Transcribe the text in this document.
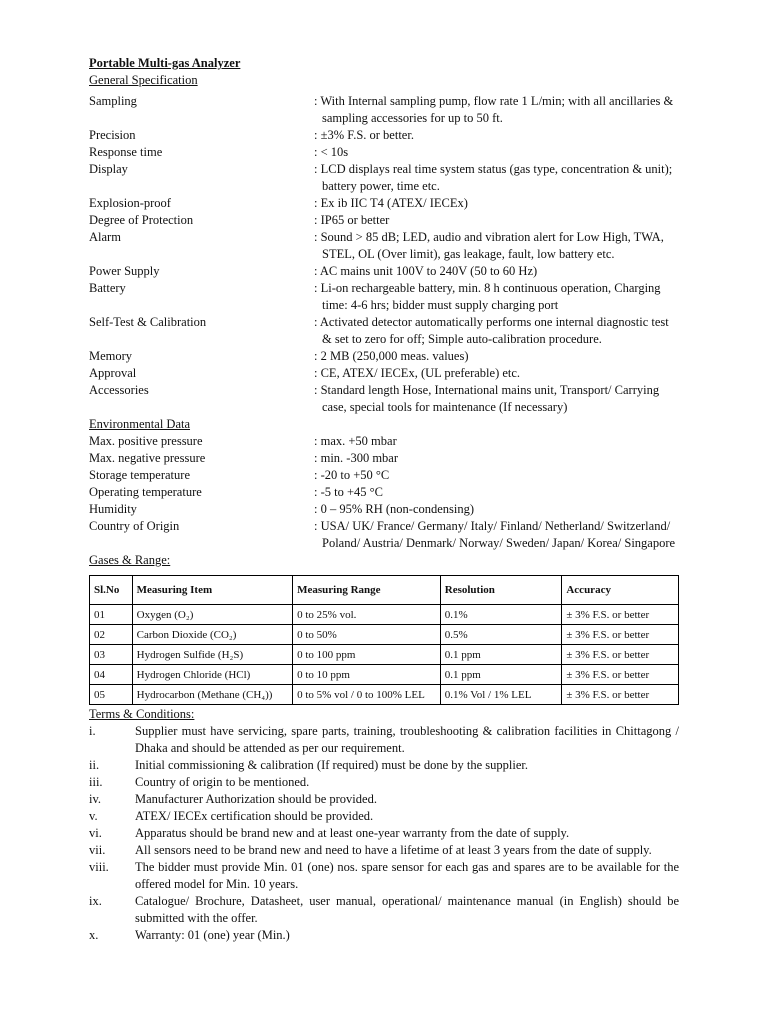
Portable Multi-gas Analyzer
General Specification
Sampling	: With Internal sampling pump, flow rate 1 L/min; with all ancillaries & sampling accessories for up to 50 ft.
Precision	: ±3% F.S. or better.
Response time	: < 10s
Display	: LCD displays real time system status (gas type, concentration & unit); battery power, time etc.
Explosion-proof	: Ex ib IIC T4 (ATEX/ IECEx)
Degree of Protection	: IP65 or better
Alarm	: Sound > 85 dB; LED, audio and vibration alert for Low High, TWA, STEL, OL (Over limit), gas leakage, fault, low battery etc.
Power Supply	: AC mains unit 100V to 240V (50 to 60 Hz)
Battery	: Li-on rechargeable battery, min. 8 h continuous operation, Charging time: 4-6 hrs; bidder must supply charging port
Self-Test & Calibration	: Activated detector automatically performs one internal diagnostic test & set to zero for off; Simple auto-calibration procedure.
Memory	: 2 MB (250,000 meas. values)
Approval	: CE, ATEX/ IECEx, (UL preferable) etc.
Accessories	: Standard length Hose, International mains unit, Transport/ Carrying case, special tools for maintenance (If necessary)
Environmental Data
Max. positive pressure	: max. +50 mbar
Max. negative pressure	: min. -300 mbar
Storage temperature	: -20 to +50 °C
Operating temperature	: -5 to +45 °C
Humidity	: 0 – 95% RH (non-condensing)
Country of Origin	: USA/ UK/ France/ Germany/ Italy/ Finland/ Netherland/ Switzerland/ Poland/ Austria/ Denmark/ Norway/ Sweden/ Japan/ Korea/ Singapore
Gases & Range:
Sl.No	Measuring Item	Measuring Range	Resolution	Accuracy
01	Oxygen (O₂)	0 to 25% vol.	0.1%	± 3% F.S. or better
02	Carbon Dioxide (CO₂)	0 to 50%	0.5%	± 3% F.S. or better
03	Hydrogen Sulfide (H₂S)	0 to 100 ppm	0.1 ppm	± 3% F.S. or better
04	Hydrogen Chloride (HCl)	0 to 10 ppm	0.1 ppm	± 3% F.S. or better
05	Hydrocarbon (Methane (CH₄))	0 to 5% vol / 0 to 100% LEL	0.1% Vol / 1% LEL	± 3% F.S. or better
Terms & Conditions:
i.	Supplier must have servicing, spare parts, training, troubleshooting & calibration facilities in Chittagong / Dhaka and should be attended as per our requirement.
ii.	Initial commissioning & calibration (If required) must be done by the supplier.
iii.	Country of origin to be mentioned.
iv.	Manufacturer Authorization should be provided.
v.	ATEX/ IECEx certification should be provided.
vi.	Apparatus should be brand new and at least one-year warranty from the date of supply.
vii.	All sensors need to be brand new and need to have a lifetime of at least 3 years from the date of supply.
viii.	The bidder must provide Min. 01 (one) nos. spare sensor for each gas and spares are to be available for the offered model for Min. 10 years.
ix.	Catalogue/ Brochure, Datasheet, user manual, operational/ maintenance manual (in English) should be submitted with the offer.
x.	Warranty: 01 (one) year (Min.)
